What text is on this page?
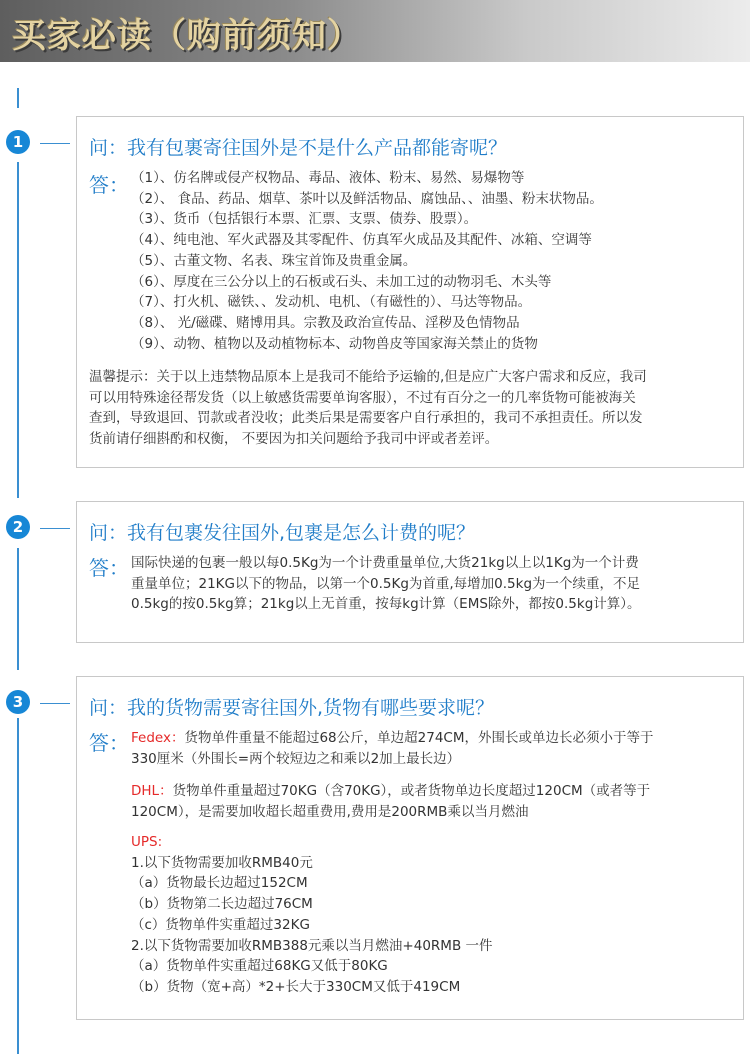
买家必读（购前须知）
1	问：我有包裹寄往国外是不是什么产品都能寄呢？
答： （1）、仿名牌或侵产权物品、毒品、液体、粉末、易然、易爆物等
（2）、 食品、药品、烟草、茶叶以及鲜活物品、腐蚀品、、油墨、粉末状物品。
（3）、货币（包括银行本票、汇票、支票、债券、股票）。
（4）、纯电池、军火武器及其零配件、仿真军火成品及其配件、冰箱、空调等
（5）、古董文物、名表、珠宝首饰及贵重金属。
（6）、厚度在三公分以上的石板或石头、未加工过的动物羽毛、木头等
（7）、打火机、磁铁、、发动机、电机、（有磁性的）、马达等物品。
（8）、 光/磁碟、赌博用具。宗教及政治宣传品、淫秽及色情物品
（9）、动物、植物以及动植物标本、动物兽皮等国家海关禁止的货物
温馨提示：关于以上违禁物品原本上是我司不能给予运输的,但是应广大客户需求和反应，我司
可以用特殊途径帮发货（以上敏感货需要单询客服），不过有百分之一的几率货物可能被海关
查到，导致退回、罚款或者没收；此类后果是需要客户自行承担的，我司不承担责任。所以发
货前请仔细斟酌和权衡， 不要因为扣关问题给予我司中评或者差评。
2	问：我有包裹发往国外,包裹是怎么计费的呢？
答： 国际快递的包裹一般以每0.5Kg为一个计费重量单位,大货21kg以上以1Kg为一个计费
重量单位；21KG以下的物品，以第一个0.5Kg为首重,每增加0.5kg为一个续重，不足
0.5kg的按0.5kg算；21kg以上无首重，按每kg计算（EMS除外，都按0.5kg计算）。
3	问：我的货物需要寄往国外,货物有哪些要求呢？
答： Fedex：货物单件重量不能超过68公斤，单边超274CM，外围长或单边长必须小于等于
330厘米（外围长=两个较短边之和乘以2加上最长边）
DHL：货物单件重量超过70KG（含70KG），或者货物单边长度超过120CM（或者等于
120CM），是需要加收超长超重费用,费用是200RMB乘以当月燃油
UPS:
1.以下货物需要加收RMB40元
（a）货物最长边超过152CM
（b）货物第二长边超过76CM
（c）货物单件实重超过32KG
2.以下货物需要加收RMB388元乘以当月燃油+40RMB 一件
（a）货物单件实重超过68KG又低于80KG
（b）货物（宽+高）*2+长大于330CM又低于419CM
